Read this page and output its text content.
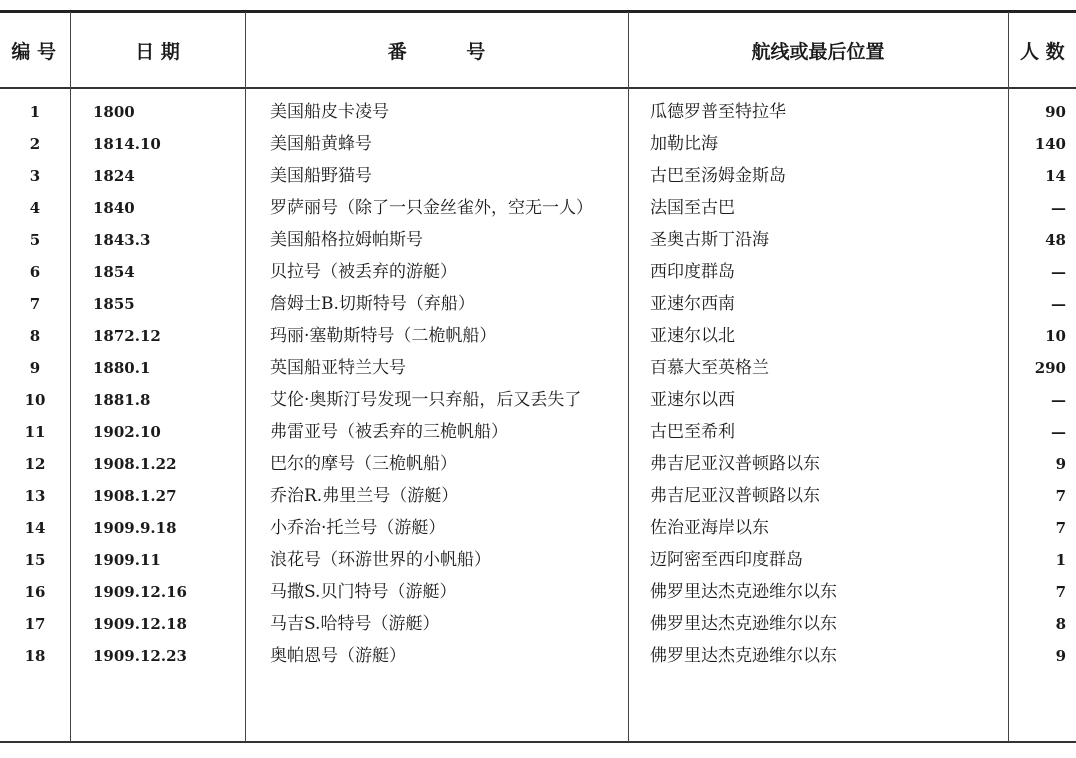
编 号	日 期	番         号	航线或最后位置	人 数
1	1800	美国船皮卡凌号	瓜德罗普至特拉华	90
2	1814.10	美国船黄蜂号	加勒比海	140
3	1824	美国船野猫号	古巴至汤姆金斯岛	14
4	1840	罗萨丽号（除了一只金丝雀外，空无一人）	法国至古巴	—
5	1843.3	美国船格拉姆帕斯号	圣奥古斯丁沿海	48
6	1854	贝拉号（被丢弃的游艇）	西印度群岛	—
7	1855	詹姆士B.切斯特号（弃船）	亚速尔西南	—
8	1872.12	玛丽·塞勒斯特号（二桅帆船）	亚速尔以北	10
9	1880.1	英国船亚特兰大号	百慕大至英格兰	290
10	1881.8	艾伦·奥斯汀号发现一只弃船，后又丢失了	亚速尔以西	—
11	1902.10	弗雷亚号（被丢弃的三桅帆船）	古巴至希利	—
12	1908.1.22	巴尔的摩号（三桅帆船）	弗吉尼亚汉普顿路以东	9
13	1908.1.27	乔治R.弗里兰号（游艇）	弗吉尼亚汉普顿路以东	7
14	1909.9.18	小乔治·托兰号（游艇）	佐治亚海岸以东	7
15	1909.11	浪花号（环游世界的小帆船）	迈阿密至西印度群岛	1
16	1909.12.16	马撒S.贝门特号（游艇）	佛罗里达杰克逊维尔以东	7
17	1909.12.18	马吉S.哈特号（游艇）	佛罗里达杰克逊维尔以东	8
18	1909.12.23	奥帕恩号（游艇）	佛罗里达杰克逊维尔以东	9
